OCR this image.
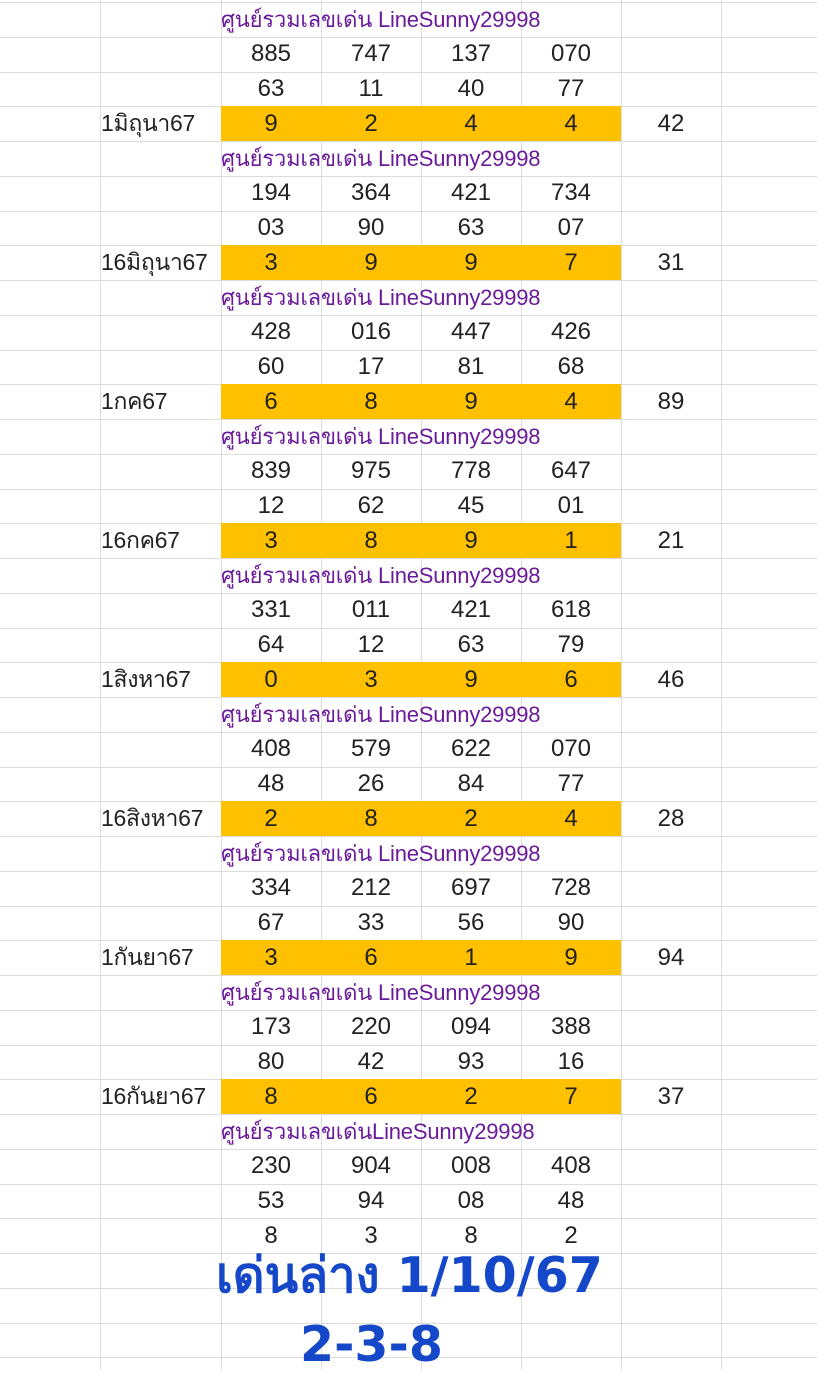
ศูนย์รวมเลขเด่น LineSunny29998
885	747	137	070
63	11	40	77
1มิถุนา67	9	2	4	4	42
ศูนย์รวมเลขเด่น LineSunny29998
194	364	421	734
03	90	63	07
16มิถุนา67	3	9	9	7	31
ศูนย์รวมเลขเด่น LineSunny29998
428	016	447	426
60	17	81	68
1กค67	6	8	9	4	89
ศูนย์รวมเลขเด่น LineSunny29998
839	975	778	647
12	62	45	01
16กค67	3	8	9	1	21
ศูนย์รวมเลขเด่น LineSunny29998
331	011	421	618
64	12	63	79
1สิงหา67	0	3	9	6	46
ศูนย์รวมเลขเด่น LineSunny29998
408	579	622	070
48	26	84	77
16สิงหา67	2	8	2	4	28
ศูนย์รวมเลขเด่น LineSunny29998
334	212	697	728
67	33	56	90
1กันยา67	3	6	1	9	94
ศูนย์รวมเลขเด่น LineSunny29998
173	220	094	388
80	42	93	16
16กันยา67	8	6	2	7	37
ศูนย์รวมเลขเด่นLineSunny29998
230	904	008	408
53	94	08	48
8	3	8	2
เด่นล่าง 1/10/67
2-3-8
